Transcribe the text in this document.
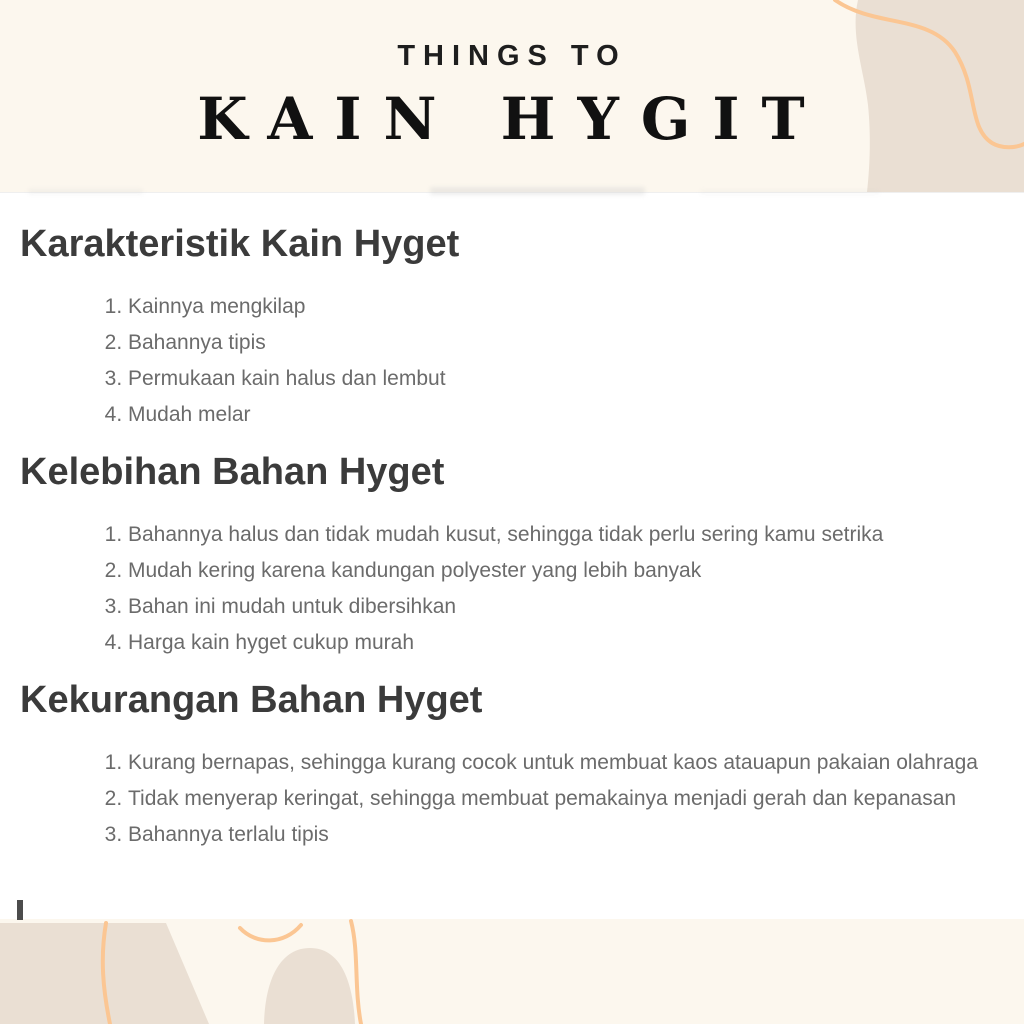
THINGS TO
KAIN HYGIT
Karakteristik Kain Hyget
1. Kainnya mengkilap
2. Bahannya tipis
3. Permukaan kain halus dan lembut
4. Mudah melar
Kelebihan Bahan Hyget
1. Bahannya halus dan tidak mudah kusut, sehingga tidak perlu sering kamu setrika
2. Mudah kering karena kandungan polyester yang lebih banyak
3. Bahan ini mudah untuk dibersihkan
4. Harga kain hyget cukup murah
Kekurangan Bahan Hyget
1. Kurang bernapas, sehingga kurang cocok untuk membuat kaos atauapun pakaian olahraga
2. Tidak menyerap keringat, sehingga membuat pemakainya menjadi gerah dan kepanasan
3. Bahannya terlalu tipis
